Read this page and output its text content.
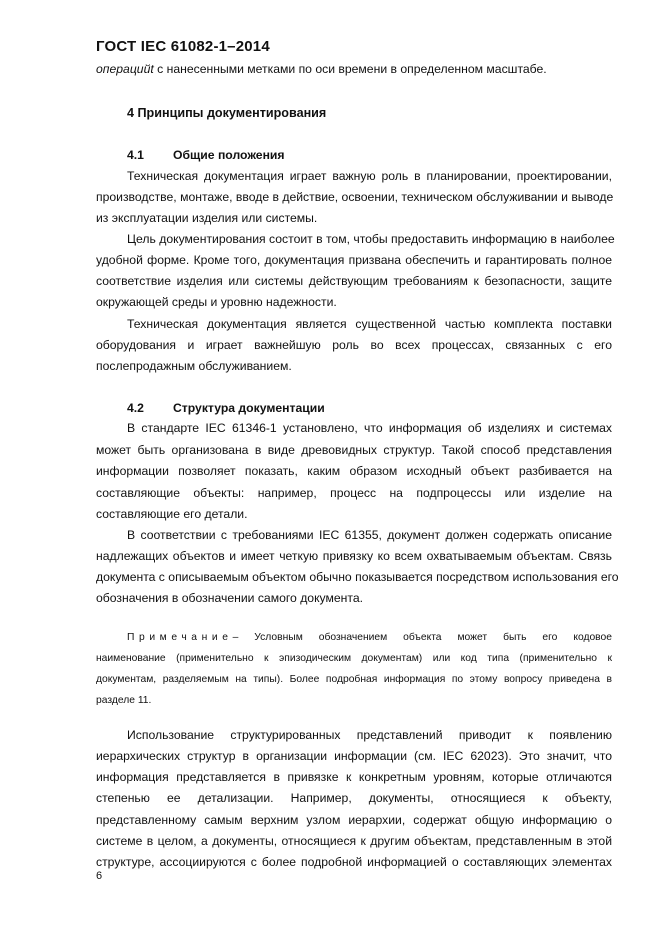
ГОСТ IEC 61082-1–2014
операцийt с нанесенными метками по оси времени в определенном масштабе.
4 Принципы документирования
4.1 Общие положения
Техническая документация играет важную роль в планировании, проектировании,
производстве, монтаже, вводе в действие, освоении, техническом обслуживании и выводе
из эксплуатации изделия или системы.
Цель документирования состоит в том, чтобы предоставить информацию в наиболее
удобной форме. Кроме того, документация призвана обеспечить и гарантировать полное
соответствие изделия или системы действующим требованиям к безопасности, защите
окружающей среды и уровню надежности.
Техническая документация является существенной частью комплекта поставки
оборудования и играет важнейшую роль во всех процессах, связанных с его
послепродажным обслуживанием.
4.2 Структура документации
В стандарте IEC 61346-1 установлено, что информация об изделиях и системах
может быть организована в виде древовидных структур. Такой способ представления
информации позволяет показать, каким образом исходный объект разбивается на
составляющие объекты: например, процесс на подпроцессы или изделие на
составляющие его детали.
В соответствии с требованиями IEC 61355, документ должен содержать описание
надлежащих объектов и имеет четкую привязку ко всем охватываемым объектам. Связь
документа с описываемым объектом обычно показывается посредством использования его
обозначения в обозначении самого документа.
Примечание– Условным обозначением объекта может быть его кодовое
наименование (применительно к эпизодическим документам) или код типа (применительно к
документам, разделяемым на типы). Более подробная информация по этому вопросу приведена в
разделе 11.
Использование структурированных представлений приводит к появлению
иерархических структур в организации информации (см. IEC 62023). Это значит, что
информация представляется в привязке к конкретным уровням, которые отличаются
степенью ее детализации. Например, документы, относящиеся к объекту,
представленному самым верхним узлом иерархии, содержат общую информацию о
системе в целом, а документы, относящиеся к другим объектам, представленным в этой
структуре, ассоциируются с более подробной информацией о составляющих элементах
6
